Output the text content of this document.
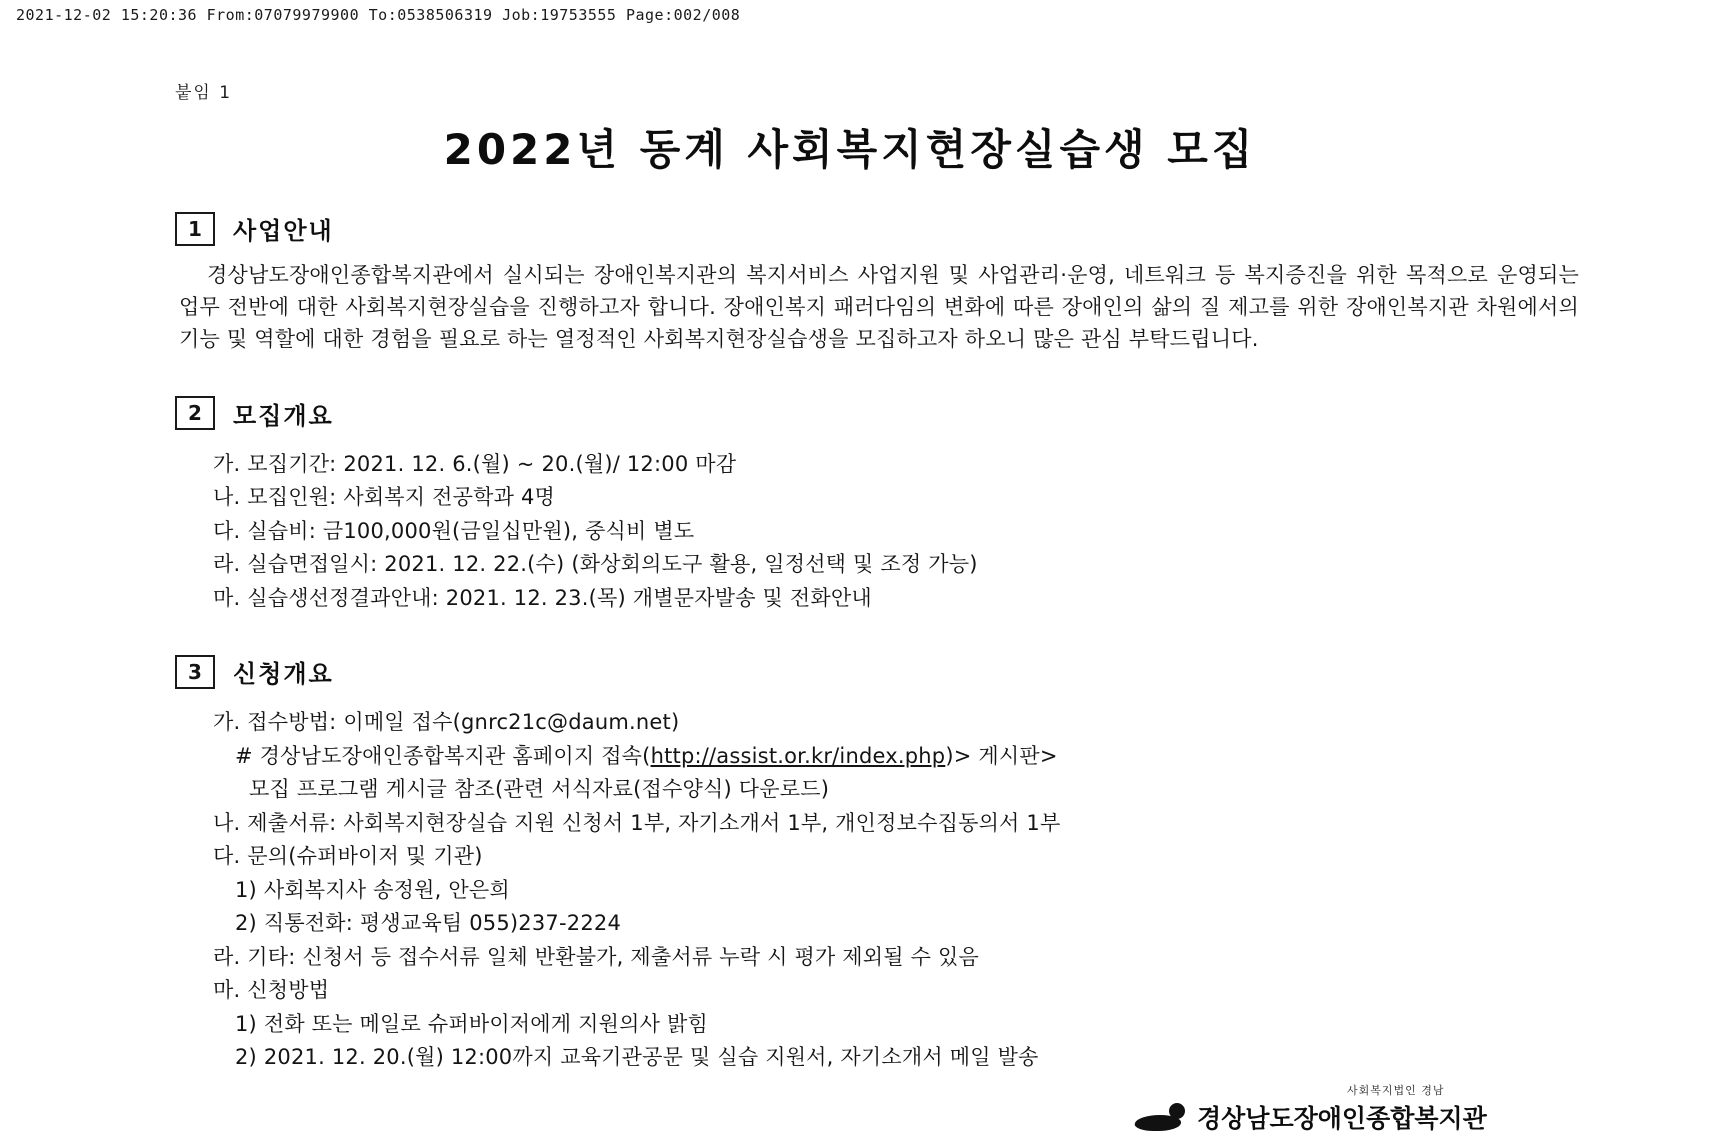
2021-12-02 15:20:36 From:07079979900 To:0538506319 Job:19753555 Page:002/008
붙임 1
2022년 동계 사회복지현장실습생 모집
1	사업안내

경상남도장애인종합복지관에서 실시되는 장애인복지관의 복지서비스 사업지원 및 사업관리·운영, 네트워크 등 복지증진을 위한 목적으로 운영되는 업무 전반에 대한 사회복지현장실습을 진행하고자 합니다. 장애인복지 패러다임의 변화에 따른 장애인의 삶의 질 제고를 위한 장애인복지관 차원에서의 기능 및 역할에 대한 경험을 필요로 하는 열정적인 사회복지현장실습생을 모집하고자 하오니 많은 관심 부탁드립니다.

2	모집개요
가. 모집기간: 2021. 12. 6.(월) ~ 20.(월)/ 12:00 마감
나. 모집인원: 사회복지 전공학과 4명
다. 실습비: 금100,000원(금일십만원), 중식비 별도
라. 실습면접일시: 2021. 12. 22.(수) (화상회의도구 활용, 일정선택 및 조정 가능)
마. 실습생선정결과안내: 2021. 12. 23.(목) 개별문자발송 및 전화안내
3	신청개요
가. 접수방법: 이메일 접수(gnrc21c@daum.net)
# 경상남도장애인종합복지관 홈페이지 접속(http://assist.or.kr/index.php)> 게시판>
모집 프로그램 게시글 참조(관련 서식자료(접수양식) 다운로드)
나. 제출서류: 사회복지현장실습 지원 신청서 1부, 자기소개서 1부, 개인정보수집동의서 1부
다. 문의(슈퍼바이저 및 기관)
1) 사회복지사 송정원, 안은희
2) 직통전화: 평생교육팀 055)237-2224
라. 기타: 신청서 등 접수서류 일체 반환불가, 제출서류 누락 시 평가 제외될 수 있음
마. 신청방법
1) 전화 또는 메일로 슈퍼바이저에게 지원의사 밝힘
2) 2021. 12. 20.(월) 12:00까지 교육기관공문 및 실습 지원서, 자기소개서 메일 발송
사회복지법인 경남
경상남도장애인종합복지관
